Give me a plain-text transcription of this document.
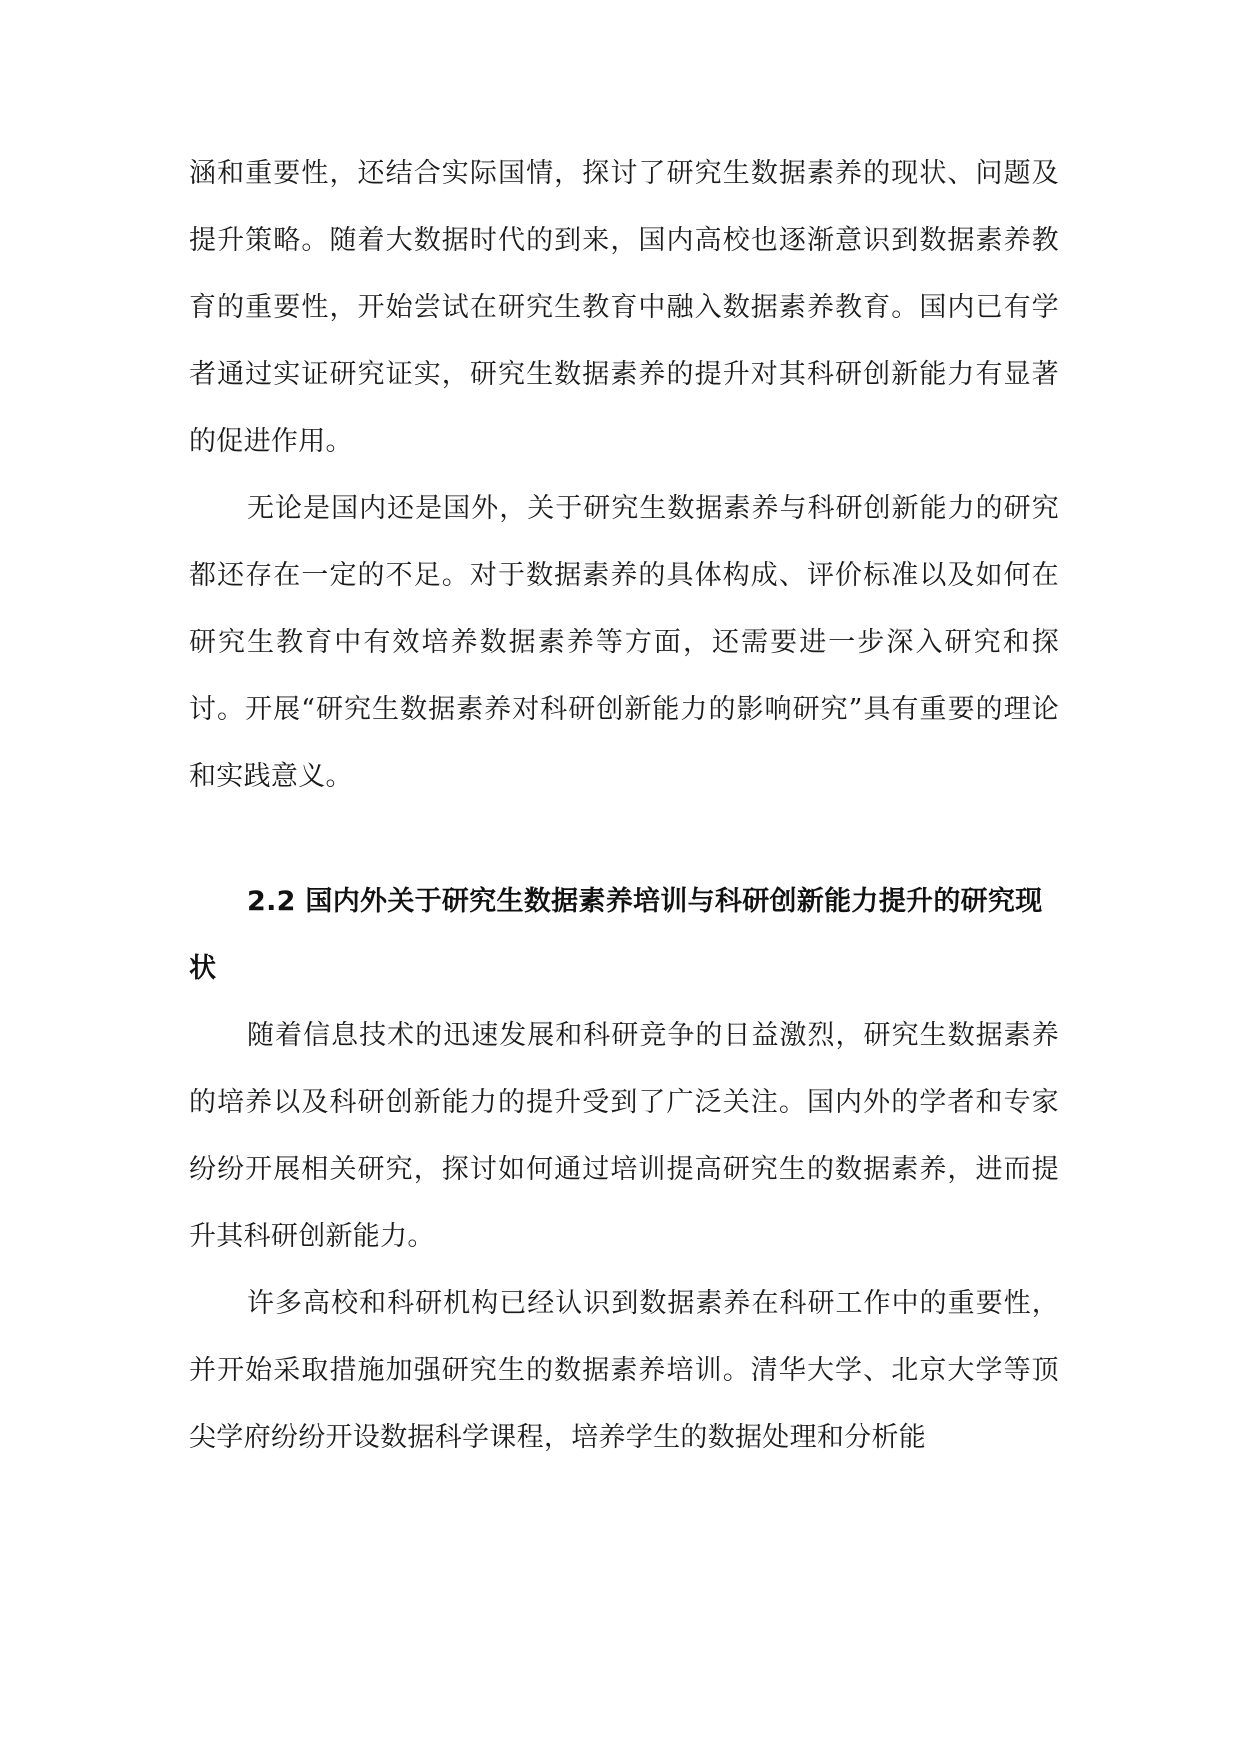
涵和重要性，还结合实际国情，探讨了研究生数据素养的现状、问题及提升策略。随着大数据时代的到来，国内高校也逐渐意识到数据素养教育的重要性，开始尝试在研究生教育中融入数据素养教育。国内已有学者通过实证研究证实，研究生数据素养的提升对其科研创新能力有显著的促进作用。

无论是国内还是国外，关于研究生数据素养与科研创新能力的研究都还存在一定的不足。对于数据素养的具体构成、评价标准以及如何在研究生教育中有效培养数据素养等方面，还需要进一步深入研究和探讨。开展“研究生数据素养对科研创新能力的影响研究”具有重要的理论和实践意义。

2.2 国内外关于研究生数据素养培训与科研创新能力提升的研究现状

随着信息技术的迅速发展和科研竞争的日益激烈，研究生数据素养的培养以及科研创新能力的提升受到了广泛关注。国内外的学者和专家纷纷开展相关研究，探讨如何通过培训提高研究生的数据素养，进而提升其科研创新能力。

许多高校和科研机构已经认识到数据素养在科研工作中的重要性，并开始采取措施加强研究生的数据素养培训。清华大学、北京大学等顶尖学府纷纷开设数据科学课程，培养学生的数据处理和分析能
